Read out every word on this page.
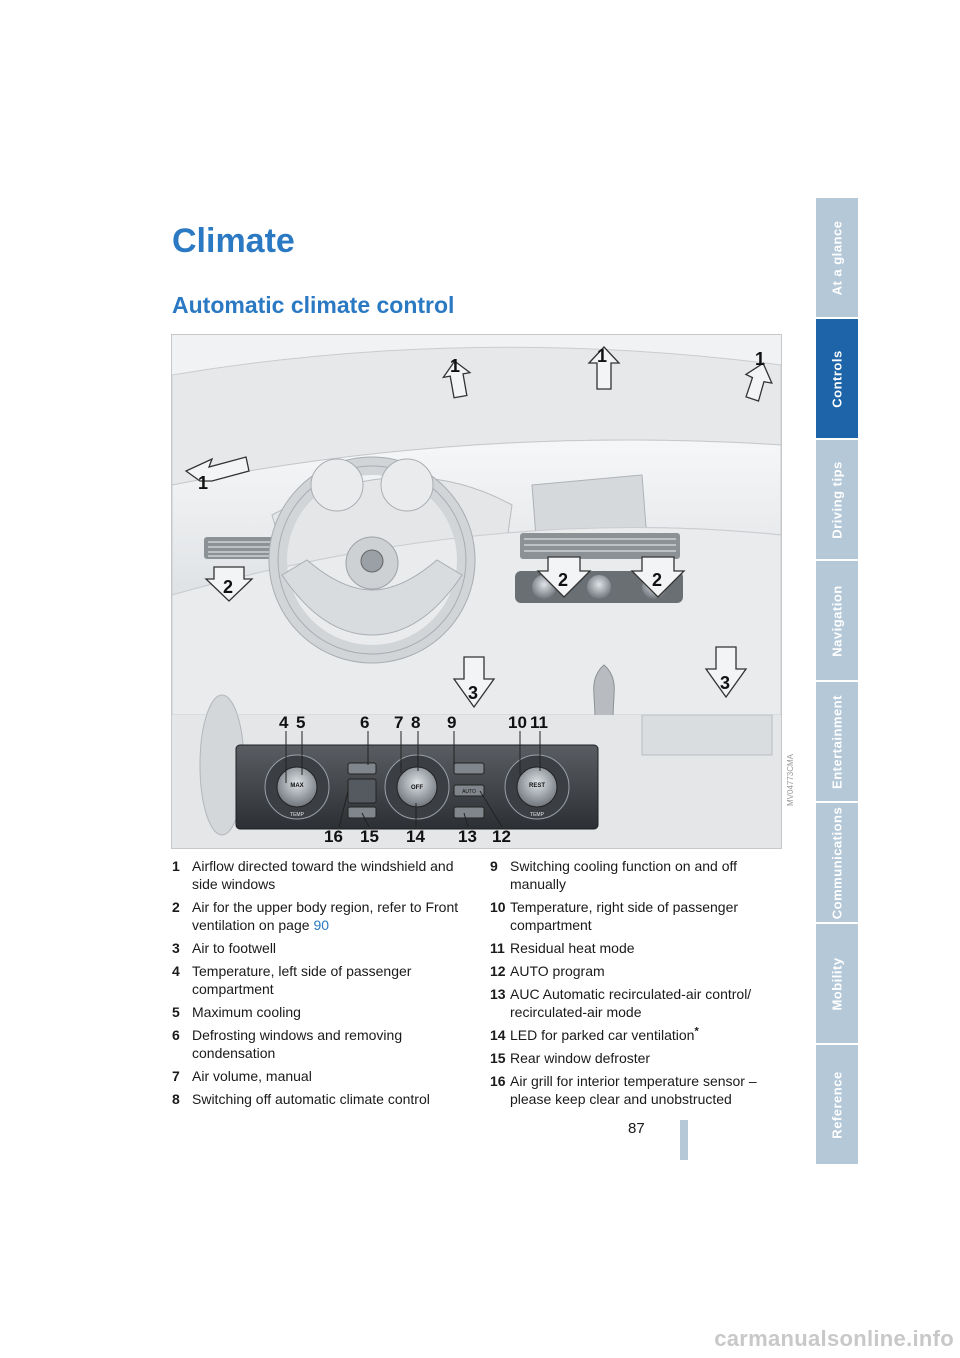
At a glance
Controls
Driving tips
Navigation
Entertainment
Communications
Mobility
Reference
Climate
Automatic climate control
1	1	1
1
2	2	2
3	3
MAX
TEMP
OFF
AUTO
REST
TEMP
4 5	6 7 8 9	10 11
16 15 14 13 12
MV04773CMA
1 Airflow directed toward the windshield and side windows
2 Air for the upper body region, refer to Front ventilation on page 90
3 Air to footwell
4 Temperature, left side of passenger compartment
5 Maximum cooling
6 Defrosting windows and removing condensation
7 Air volume, manual
8 Switching off automatic climate control
9 Switching cooling function on and off manually
10 Temperature, right side of passenger compartment
11 Residual heat mode
12 AUTO program
13 AUC Automatic recirculated-air control/ recirculated-air mode
14 LED for parked car ventilation*
15 Rear window defroster
16 Air grill for interior temperature sensor – please keep clear and unobstructed
87
carmanualsonline.info
